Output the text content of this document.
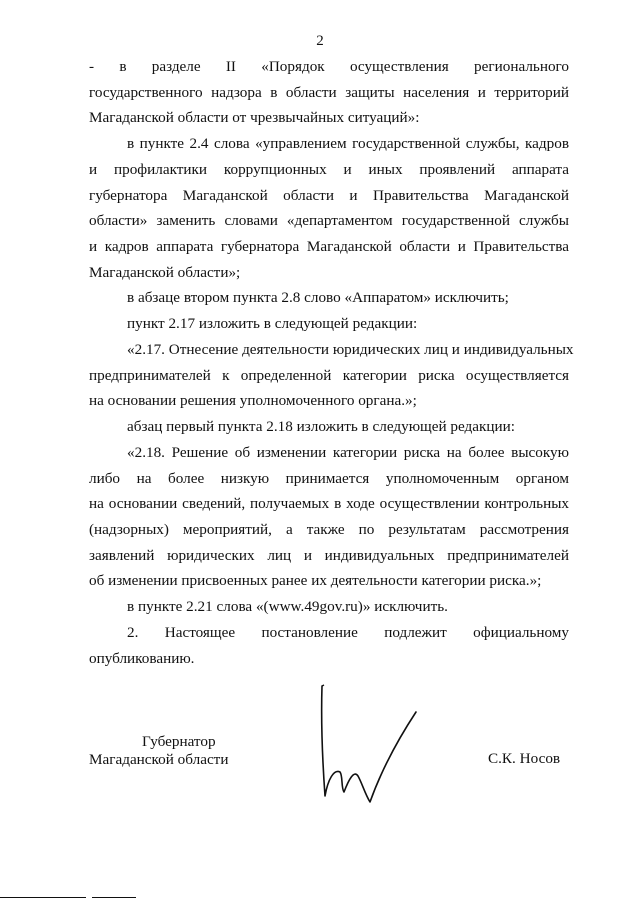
2
- в разделе II «Порядок осуществления регионального
государственного надзора в области защиты населения и территорий
Магаданской области от чрезвычайных ситуаций»:
в пункте 2.4 слова «управлением государственной службы, кадров
и профилактики коррупционных и иных проявлений аппарата
губернатора Магаданской области и Правительства Магаданской
области» заменить словами «департаментом государственной службы
и кадров аппарата губернатора Магаданской области и Правительства
Магаданской области»;
в абзаце втором пункта 2.8 слово «Аппаратом» исключить;
пункт 2.17 изложить в следующей редакции:
«2.17. Отнесение деятельности юридических лиц и индивидуальных
предпринимателей к определенной категории риска осуществляется
на основании решения уполномоченного органа.»;
абзац первый пункта 2.18 изложить в следующей редакции:
«2.18. Решение об изменении категории риска на более высокую
либо на более низкую принимается уполномоченным органом
на основании сведений, получаемых в ходе осуществлении контрольных
(надзорных) мероприятий, а также по результатам рассмотрения
заявлений юридических лиц и индивидуальных предпринимателей
об изменении присвоенных ранее их деятельности категории риска.»;
в пункте 2.21 слова «(www.49gov.ru)» исключить.
2. Настоящее постановление подлежит официальному
опубликованию.
Губернатор
Магаданской области	С.К. Носов
